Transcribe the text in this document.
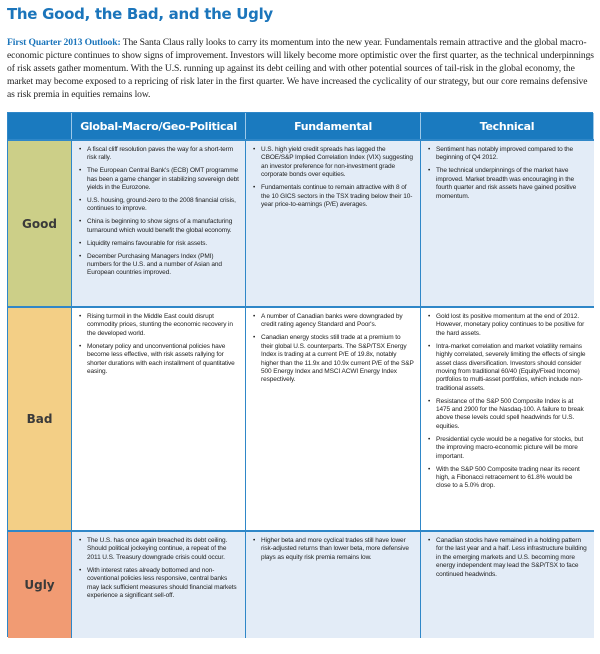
The Good, the Bad, and the Ugly
First Quarter 2013 Outlook: The Santa Claus rally looks to carry its momentum into the new year. Fundamentals remain attractive and the global macro-economic picture continues to show signs of improvement. Investors will likely become more optimistic over the first quarter, as the technical underpinnings of risk assets gather momentum. With the U.S. running up against its debt ceiling and with other potential sources of tail-risk in the global economy, the market may become exposed to a repricing of risk later in the first quarter. We have increased the cyclicality of our strategy, but our core remains defensive as risk premia in equities remains low.
Global-Macro/Geo-Political	Fundamental	Technical
Good
• A fiscal cliff resolution paves the way for a short-term risk rally.
• The European Central Bank's (ECB) OMT programme has been a game changer in stabilizing sovereign debt yields in the Eurozone.
• U.S. housing, ground-zero to the 2008 financial crisis, continues to improve.
• China is beginning to show signs of a manufacturing turnaround which would benefit the global economy.
• Liquidity remains favourable for risk assets.
• December Purchasing Managers Index (PMI) numbers for the U.S. and a number of Asian and European countries improved.
• U.S. high yield credit spreads has lagged the CBOE/S&P Implied Correlation Index (VIX) suggesting an investor preference for non-investment grade corporate bonds over equities.
• Fundamentals continue to remain attractive with 8 of the 10 GICS sectors in the TSX trading below their 10-year price-to-earnings (P/E) averages.
• Sentiment has notably improved compared to the beginning of Q4 2012.
• The technical underpinnings of the market have improved. Market breadth was encouraging in the fourth quarter and risk assets have gained positive momentum.
Bad
• Rising turmoil in the Middle East could disrupt commodity prices, stunting the economic recovery in the developed world.
• Monetary policy and unconventional policies have become less effective, with risk assets rallying for shorter durations with each installment of quantitative easing.
• A number of Canadian banks were downgraded by credit rating agency Standard and Poor's.
• Canadian energy stocks still trade at a premium to their global U.S. counterparts. The S&P/TSX Energy Index is trading at a current P/E of 19.8x, notably higher than the 11.9x and 10.9x current P/E of the S&P 500 Energy Index and MSCI ACWI Energy Index respectively.
• Gold lost its positive momentum at the end of 2012. However, monetary policy continues to be positive for the hard assets.
• Intra-market correlation and market volatility remains highly correlated, severely limiting the effects of single asset class diversification. Investors should consider moving from traditional 60/40 (Equity/Fixed Income) portfolios to multi-asset portfolios, which include non-traditional assets.
• Resistance of the S&P 500 Composite Index is at 1475 and 2900 for the Nasdaq-100. A failure to break above these levels could spell headwinds for U.S. equities.
• Presidential cycle would be a negative for stocks, but the improving macro-economic picture will be more important.
• With the S&P 500 Composite trading near its recent high, a Fibonacci retracement to 61.8% would be close to a 5.0% drop.
Ugly
• The U.S. has once again breached its debt ceiling. Should political jockeying continue, a repeat of the 2011 U.S. Treasury downgrade crisis could occur.
• With interest rates already bottomed and non-coventional policies less responsive, central banks may lack sufficient measures should financial markets experience a significant sell-off.
• Higher beta and more cyclical trades still have lower risk-adjusted returns than lower beta, more defensive plays as equity risk premia remains low.
• Canadian stocks have remained in a holding pattern for the last year and a half. Less infrastructure building in the emerging markets and U.S. becoming more energy independent may lead the S&P/TSX to face continued headwinds.
